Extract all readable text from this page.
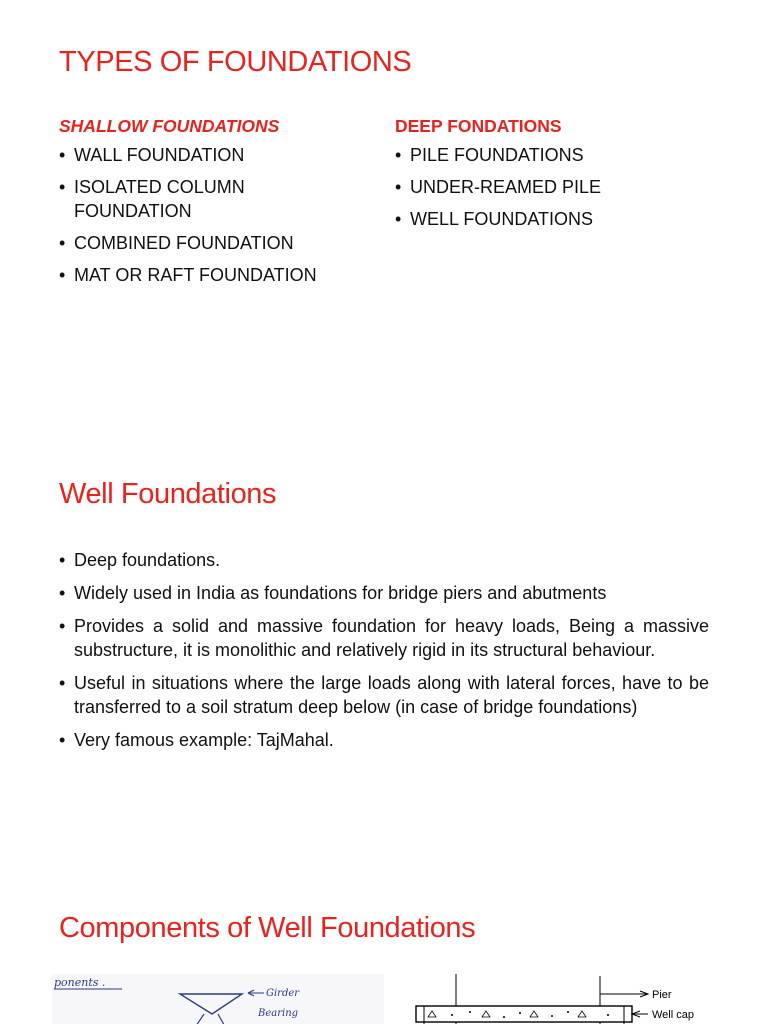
TYPES OF FOUNDATIONS
SHALLOW FOUNDATIONS
• WALL FOUNDATION
• ISOLATED COLUMN FOUNDATION
• COMBINED FOUNDATION
• MAT OR RAFT FOUNDATION
DEEP FONDATIONS
• PILE FOUNDATIONS
• UNDER-REAMED PILE
• WELL FOUNDATIONS
Well Foundations
• Deep foundations.
• Widely used in India as foundations for bridge piers and abutments
• Provides a solid and massive foundation for heavy loads, Being a massive substructure, it is monolithic and relatively rigid in its structural behaviour.
• Useful in situations where the large loads along with lateral forces, have to be transferred to a soil stratum deep below (in case of bridge foundations)
• Very famous example: TajMahal.
Components of Well Foundations
ponents .
Girder
Bearing
Pier
Well cap
